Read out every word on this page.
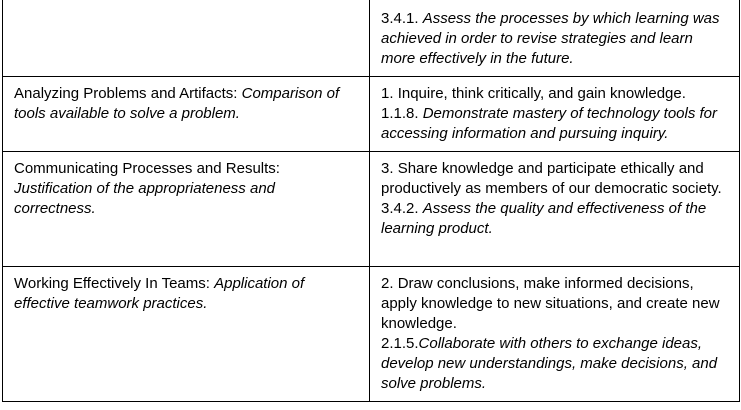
	3.4.1. Assess the processes by which learning was achieved in order to revise strategies and learn more effectively in the future.

Analyzing Problems and Artifacts: Comparison of tools available to solve a problem.	1. Inquire, think critically, and gain knowledge.
1.1.8. Demonstrate mastery of technology tools for accessing information and pursuing inquiry.

Communicating Processes and Results:
Justification of the appropriateness and correctness.	3. Share knowledge and participate ethically and productively as members of our democratic society.
3.4.2. Assess the quality and effectiveness of the learning product.

Working Effectively In Teams: Application of effective teamwork practices.	2. Draw conclusions, make informed decisions, apply knowledge to new situations, and create new knowledge.
2.1.5.Collaborate with others to exchange ideas, develop new understandings, make decisions, and solve problems.
